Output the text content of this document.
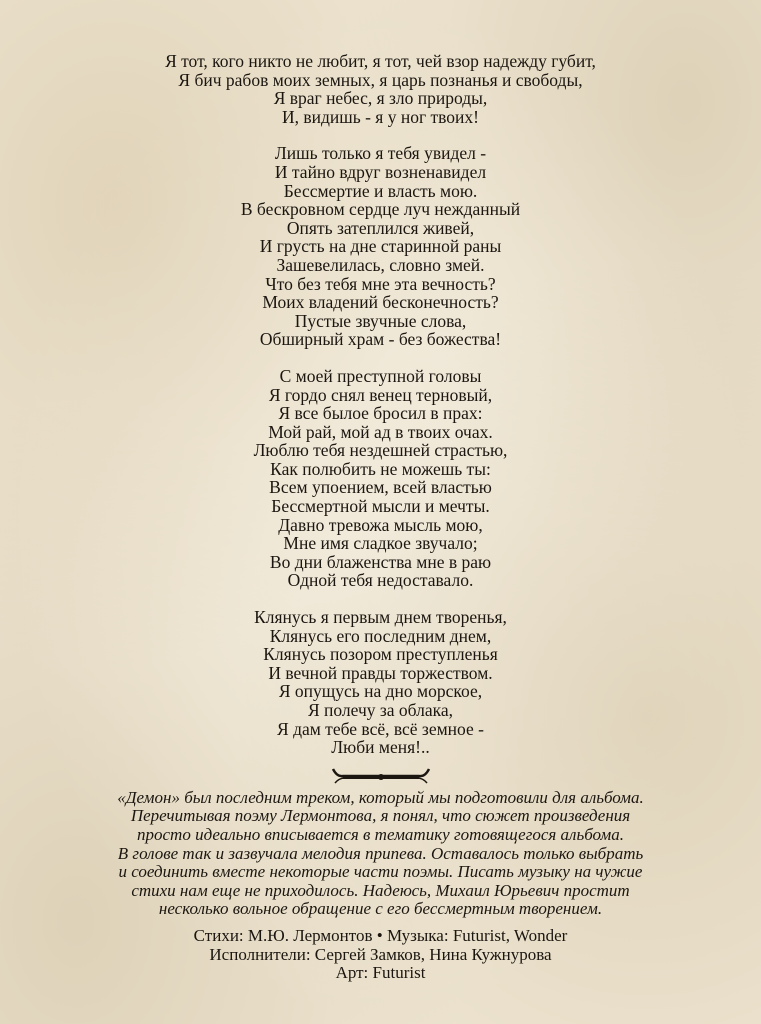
Я тот, кого никто не любит, я тот, чей взор надежду губит,
Я бич рабов моих земных, я царь познанья и свободы,
Я враг небес, я зло природы,
И, видишь - я у ног твоих!
Лишь только я тебя увидел -
И тайно вдруг возненавидел
Бессмертие и власть мою.
В бескровном сердце луч нежданный
Опять затеплился живей,
И грусть на дне старинной раны
Зашевелилась, словно змей.
Что без тебя мне эта вечность?
Моих владений бесконечность?
Пустые звучные слова,
Обширный храм - без божества!
С моей преступной головы
Я гордо снял венец терновый,
Я все былое бросил в прах:
Мой рай, мой ад в твоих очах.
Люблю тебя нездешней страстью,
Как полюбить не можешь ты:
Всем упоением, всей властью
Бессмертной мысли и мечты.
Давно тревожа мысль мою,
Мне имя сладкое звучало;
Во дни блаженства мне в раю
Одной тебя недоставало.
Клянусь я первым днем творенья,
Клянусь его последним днем,
Клянусь позором преступленья
И вечной правды торжеством.
Я опущусь на дно морское,
Я полечу за облака,
Я дам тебе всё, всё земное -
Люби меня!..
«Демон» был последним треком, который мы подготовили для альбома.
Перечитывая поэму Лермонтова, я понял, что сюжет произведения
просто идеально вписывается в тематику готовящегося альбома.
В голове так и зазвучала мелодия припева. Оставалось только выбрать
и соединить вместе некоторые части поэмы. Писать музыку на чужие
стихи нам еще не приходилось. Надеюсь, Михаил Юрьевич простит
несколько вольное обращение с его бессмертным творением.
Стихи: М.Ю. Лермонтов • Музыка: Futurist, Wonder
Исполнители: Сергей Замков, Нина Кужнурова
Арт: Futurist
